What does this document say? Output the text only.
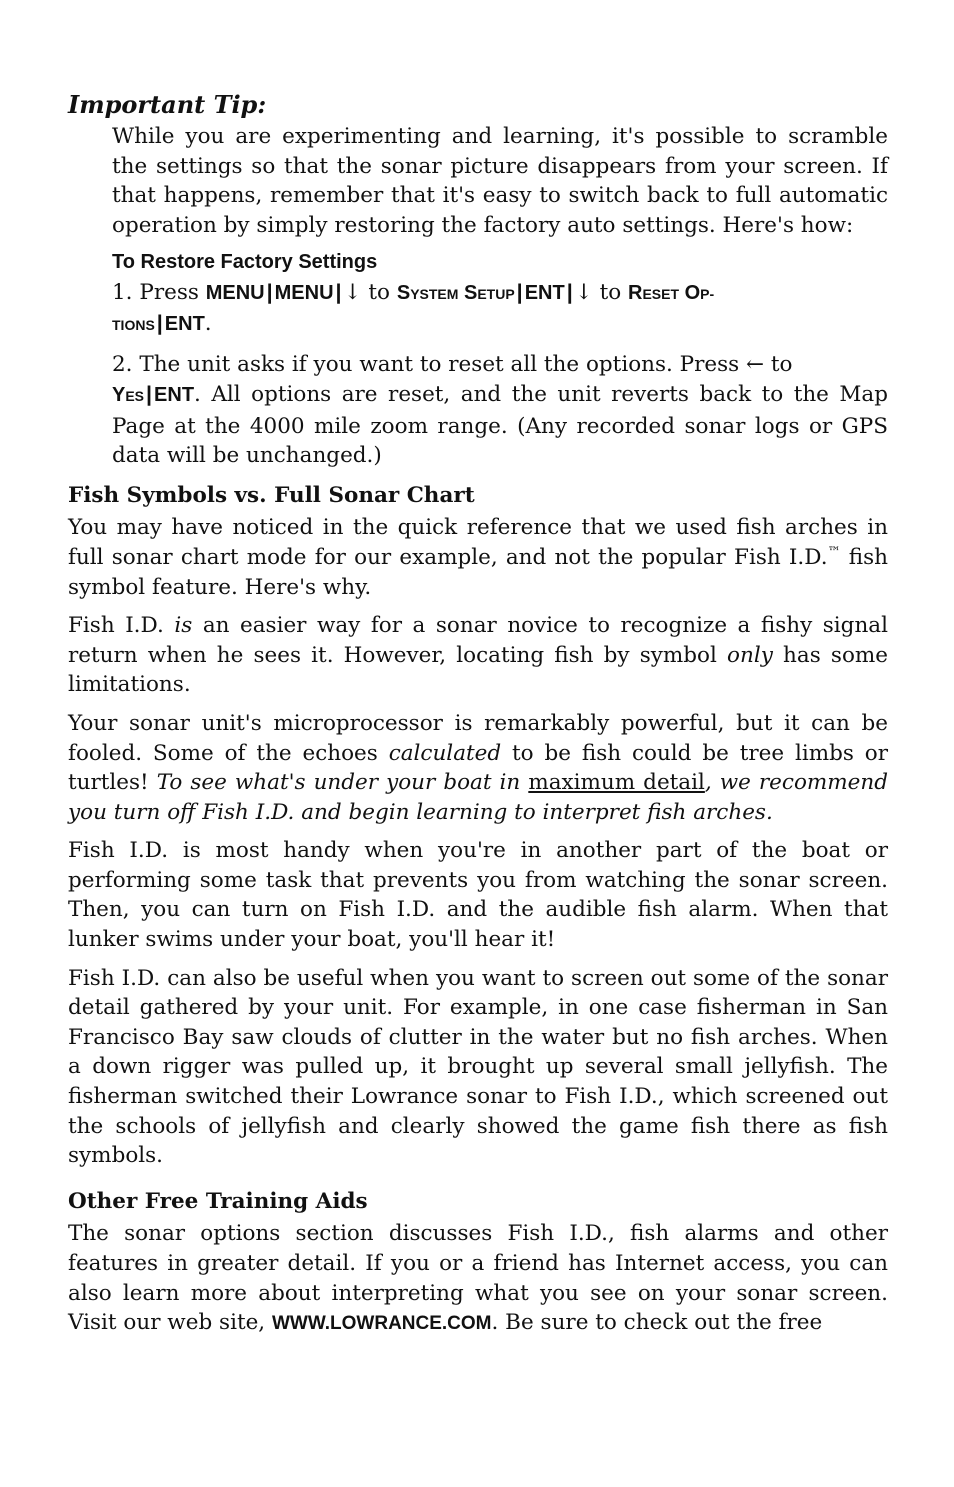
Important Tip:

While you are experimenting and learning, it's possible to scramble the settings so that the sonar picture disappears from your screen. If that happens, remember that it's easy to switch back to full automatic operation by simply restoring the factory auto settings. Here's how:

To Restore Factory Settings

1. Press MENU| MENU|↓ to SYSTEM SETUP| ENT|↓ to RESET OP-
TIONS| ENT.

2. The unit asks if you want to reset all the options. Press ← to
YES| ENT. All options are reset, and the unit reverts back to the Map Page at the 4000 mile zoom range. (Any recorded sonar logs or GPS data will be unchanged.)

Fish Symbols vs. Full Sonar Chart

You may have noticed in the quick reference that we used fish arches in full sonar chart mode for our example, and not the popular Fish I.D.™ fish symbol feature. Here's why.

Fish I.D. is an easier way for a sonar novice to recognize a fishy signal return when he sees it. However, locating fish by symbol only has some limitations.

Your sonar unit's microprocessor is remarkably powerful, but it can be fooled. Some of the echoes calculated to be fish could be tree limbs or turtles! To see what's under your boat in maximum detail, we recommend you turn off Fish I.D. and begin learning to interpret fish arches.

Fish I.D. is most handy when you're in another part of the boat or performing some task that prevents you from watching the sonar screen. Then, you can turn on Fish I.D. and the audible fish alarm. When that lunker swims under your boat, you'll hear it!

Fish I.D. can also be useful when you want to screen out some of the sonar detail gathered by your unit. For example, in one case fisherman in San Francisco Bay saw clouds of clutter in the water but no fish arches. When a down rigger was pulled up, it brought up several small jellyfish. The fisherman switched their Lowrance sonar to Fish I.D., which screened out the schools of jellyfish and clearly showed the game fish there as fish symbols.

Other Free Training Aids

The sonar options section discusses Fish I.D., fish alarms and other features in greater detail. If you or a friend has Internet access, you can also learn more about interpreting what you see on your sonar screen. Visit our web site, WWW.LOWRANCE.COM. Be sure to check out the free
